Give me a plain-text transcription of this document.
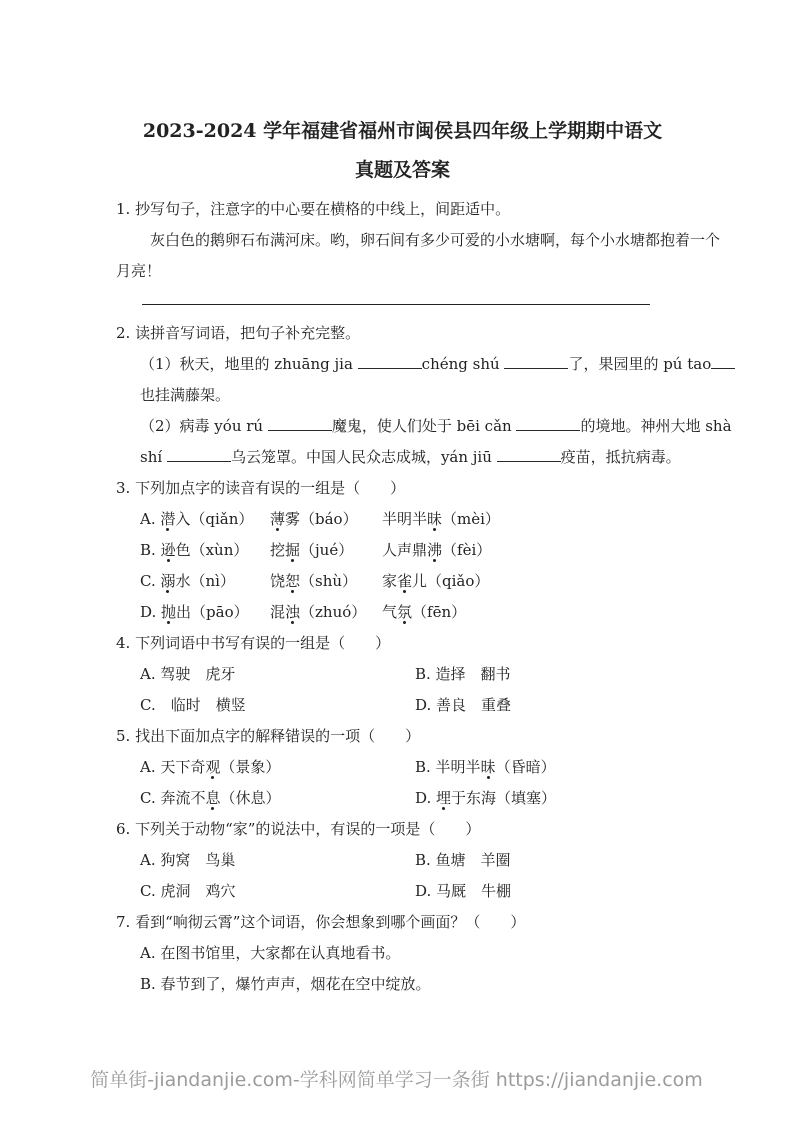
2023-2024 学年福建省福州市闽侯县四年级上学期期中语文
真题及答案
1. 抄写句子，注意字的中心要在横格的中线上，间距适中。
灰白色的鹅卵石布满河床。哟，卵石间有多少可爱的小水塘啊，每个小水塘都抱着一个
月亮！
2. 读拼音写词语，把句子补充完整。
（1）秋天，地里的 zhuāng jia	chéng shú	了，果园里的 pú tao
也挂满藤架。
（2）病毒 yóu rú	魔鬼，使人们处于 bēi cǎn	的境地。神州大地 shà
shí	乌云笼罩。中国人民众志成城，yán jiū	疫苗，抵抗病毒。
3. 下列加点字的读音有误的一组是（　　）
A. 潜入（qiǎn） 薄雾（báo） 半明半昧（mèi）
B. 逊色（xùn） 挖掘（jué） 人声鼎沸（fèi）
C. 溺水（nì） 饶恕（shù） 家雀儿（qiǎo）
D. 抛出（pāo） 混浊（zhuó） 气氛（fēn）
4. 下列词语中书写有误的一组是（　　）
A. 驾驶　虎牙	B. 造择　翻书
C.　临时　横竖	D. 善良　重叠
5. 找出下面加点字的解释错误的一项（　　）
A. 天下奇观（景象）	B. 半明半昧（昏暗）
C. 奔流不息（休息）	D. 埋于东海（填塞）
6. 下列关于动物“家”的说法中，有误的一项是（　　）
A. 狗窝　鸟巢	B. 鱼塘　羊圈
C. 虎洞　鸡穴	D. 马厩　牛棚
7. 看到“响彻云霄”这个词语，你会想象到哪个画面？（　　）
A. 在图书馆里，大家都在认真地看书。
B. 春节到了，爆竹声声，烟花在空中绽放。
简单街-jiandanjie.com-学科网简单学习一条街 https://jiandanjie.com
